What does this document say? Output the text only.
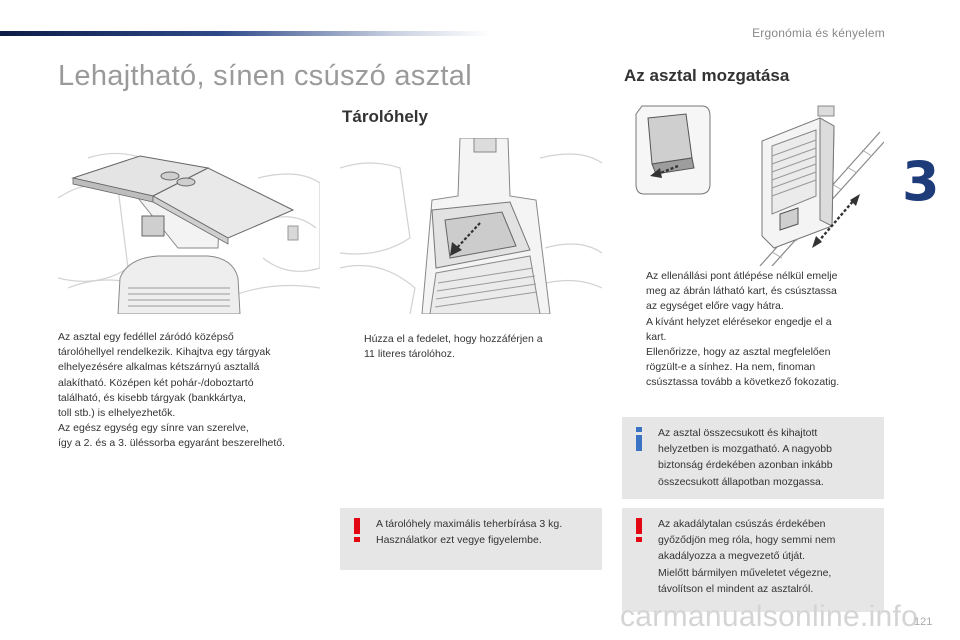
Ergonómia és kényelem
3
Lehajtható, sínen csúszó asztal
Tárolóhely
Az asztal mozgatása
Az asztal egy fedéllel záródó középső
tárolóhellyel rendelkezik. Kihajtva egy tárgyak
elhelyezésére alkalmas kétszárnyú asztallá
alakítható. Középen két pohár-/doboztartó
található, és kisebb tárgyak (bankkártya,
toll stb.) is elhelyezhetők.
Az egész egység egy sínre van szerelve,
így a 2. és a 3. üléssorba egyaránt beszerelhető.
Húzza el a fedelet, hogy hozzáférjen a
11 literes tárolóhoz.
Az ellenállási pont átlépése nélkül emelje
meg az ábrán látható kart, és csúsztassa
az egységet előre vagy hátra.
A kívánt helyzet elérésekor engedje el a
kart.
Ellenőrizze, hogy az asztal megfelelően
rögzült-e a sínhez. Ha nem, finoman
csúsztassa tovább a következő fokozatig.
Az asztal összecsukott és kihajtott
helyzetben is mozgatható. A nagyobb
biztonság érdekében azonban inkább
összecsukott állapotban mozgassa.
A tárolóhely maximális teherbírása 3 kg.
Használatkor ezt vegye figyelembe.
Az akadálytalan csúszás érdekében
győződjön meg róla, hogy semmi nem
akadályozza a megvezető útját.
Mielőtt bármilyen műveletet végezne,
távolítson el mindent az asztalról.
carmanualsonline.info
121
